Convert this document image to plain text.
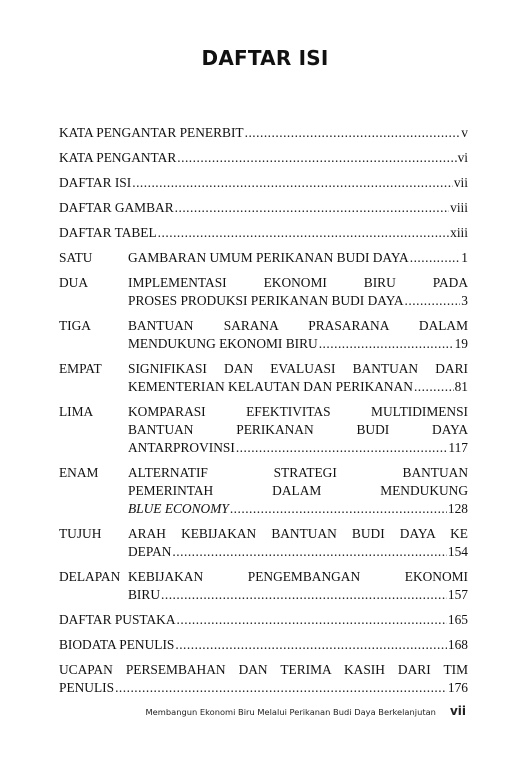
DAFTAR ISI
KATA PENGANTAR PENERBIT .....	v
KATA PENGANTAR .....	vi
DAFTAR ISI .....	vii
DAFTAR GAMBAR .....	viii
DAFTAR TABEL .....	xiii
SATU	GAMBARAN UMUM PERIKANAN BUDI DAYA .....	1
DUA	IMPLEMENTASI EKONOMI BIRU PADA
PROSES PRODUKSI PERIKANAN BUDI DAYA .....	3
TIGA	BANTUAN SARANA PRASARANA DALAM
MENDUKUNG EKONOMI BIRU .....	19
EMPAT	SIGNIFIKASI DAN EVALUASI BANTUAN DARI
KEMENTERIAN KELAUTAN DAN PERIKANAN .....	81
LIMA	KOMPARASI EFEKTIVITAS MULTIDIMENSI
BANTUAN PERIKANAN BUDI DAYA
ANTARPROVINSI .....	117
ENAM	ALTERNATIF STRATEGI BANTUAN
PEMERINTAH DALAM MENDUKUNG
BLUE ECONOMY .....	128
TUJUH	ARAH KEBIJAKAN BANTUAN BUDI DAYA KE
DEPAN .....	154
DELAPAN KEBIJAKAN PENGEMBANGAN EKONOMI
BIRU .....	157
DAFTAR PUSTAKA .....	165
BIODATA PENULIS .....	168
UCAPAN PERSEMBAHAN DAN TERIMA KASIH DARI TIM
PENULIS .....	176
Membangun Ekonomi Biru Melalui Perikanan Budi Daya Berkelanjutan vii
